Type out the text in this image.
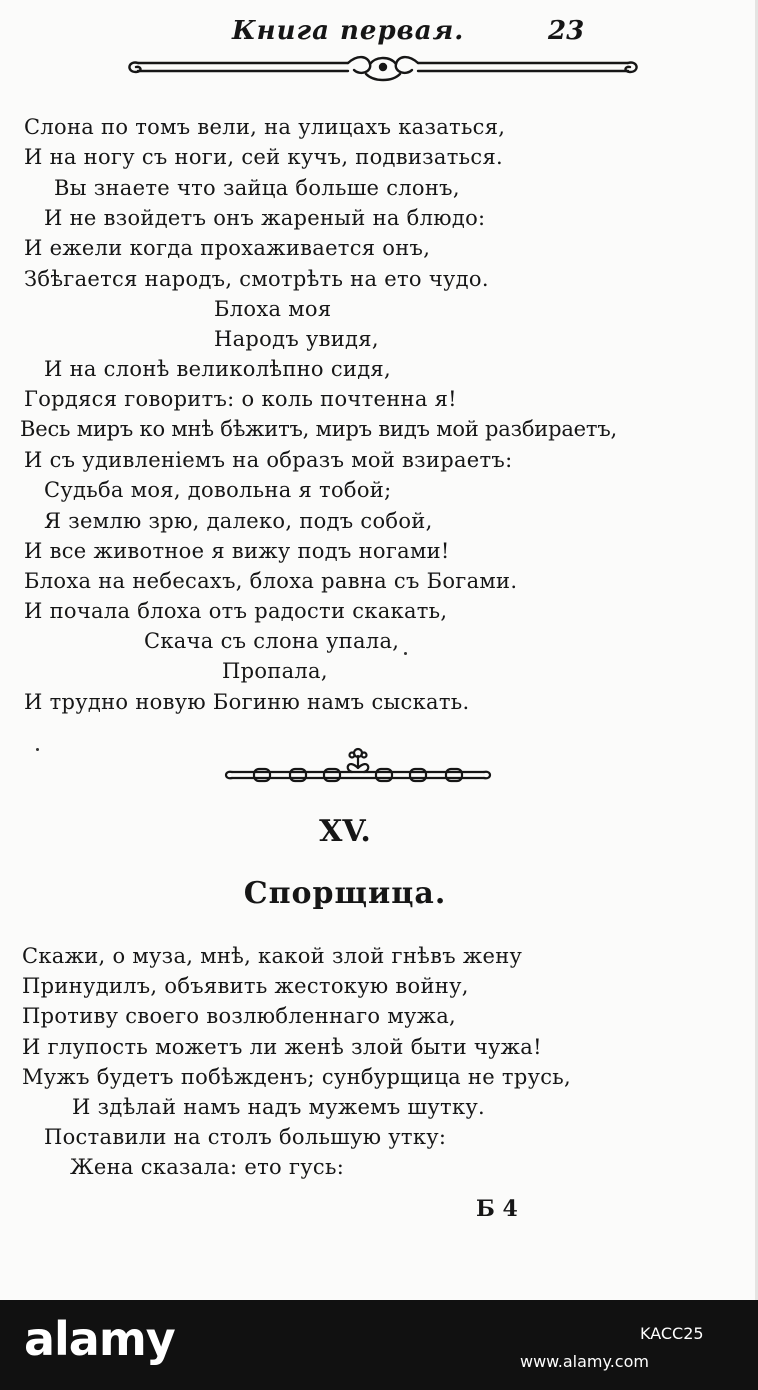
Книга первая.	23
Слона по томъ вели, на улицахъ казаться,
И на ногу съ ноги, сей кучъ, подвизаться.
Вы знаете что зайца больше слонъ,
И не взойдетъ онъ жареный на блюдо:
И ежели когда прохаживается онъ,
Збѣгается народъ, смотрѣть на ето чудо.
Блоха моя
Народъ увидя,
И на слонѣ великолѣпно сидя,
Гордяся говоритъ: о коль почтенна я!
Весь миръ ко мнѣ бѣжитъ, миръ видъ мой разбираетъ,
И съ удивленіемъ на образъ мой взираетъ:
Судьба моя, довольна я тобой;
Я землю зрю, далеко, подъ собой,
И все животное я вижу подъ ногами!
Блоха на небесахъ, блоха равна съ Богами.
И почала блоха отъ радости скакать,
Скача съ слона упала,
Пропала,
И трудно новую Богиню намъ сыскать.
XV.
Спорщица.
Скажи, о муза, мнѣ, какой злой гнѣвъ жену
Принудилъ, объявить жестокую войну,
Противу своего возлюбленнаго мужа,
И глупость можетъ ли женѣ злой быти чужа!
Мужъ будетъ побѣжденъ; сунбурщица не трусь,
И здѣлай намъ надъ мужемъ шутку.
Поставили на столъ большую утку:
Жена сказала: ето гусь:
Б 4
alamy	KACC25
www.alamy.com
